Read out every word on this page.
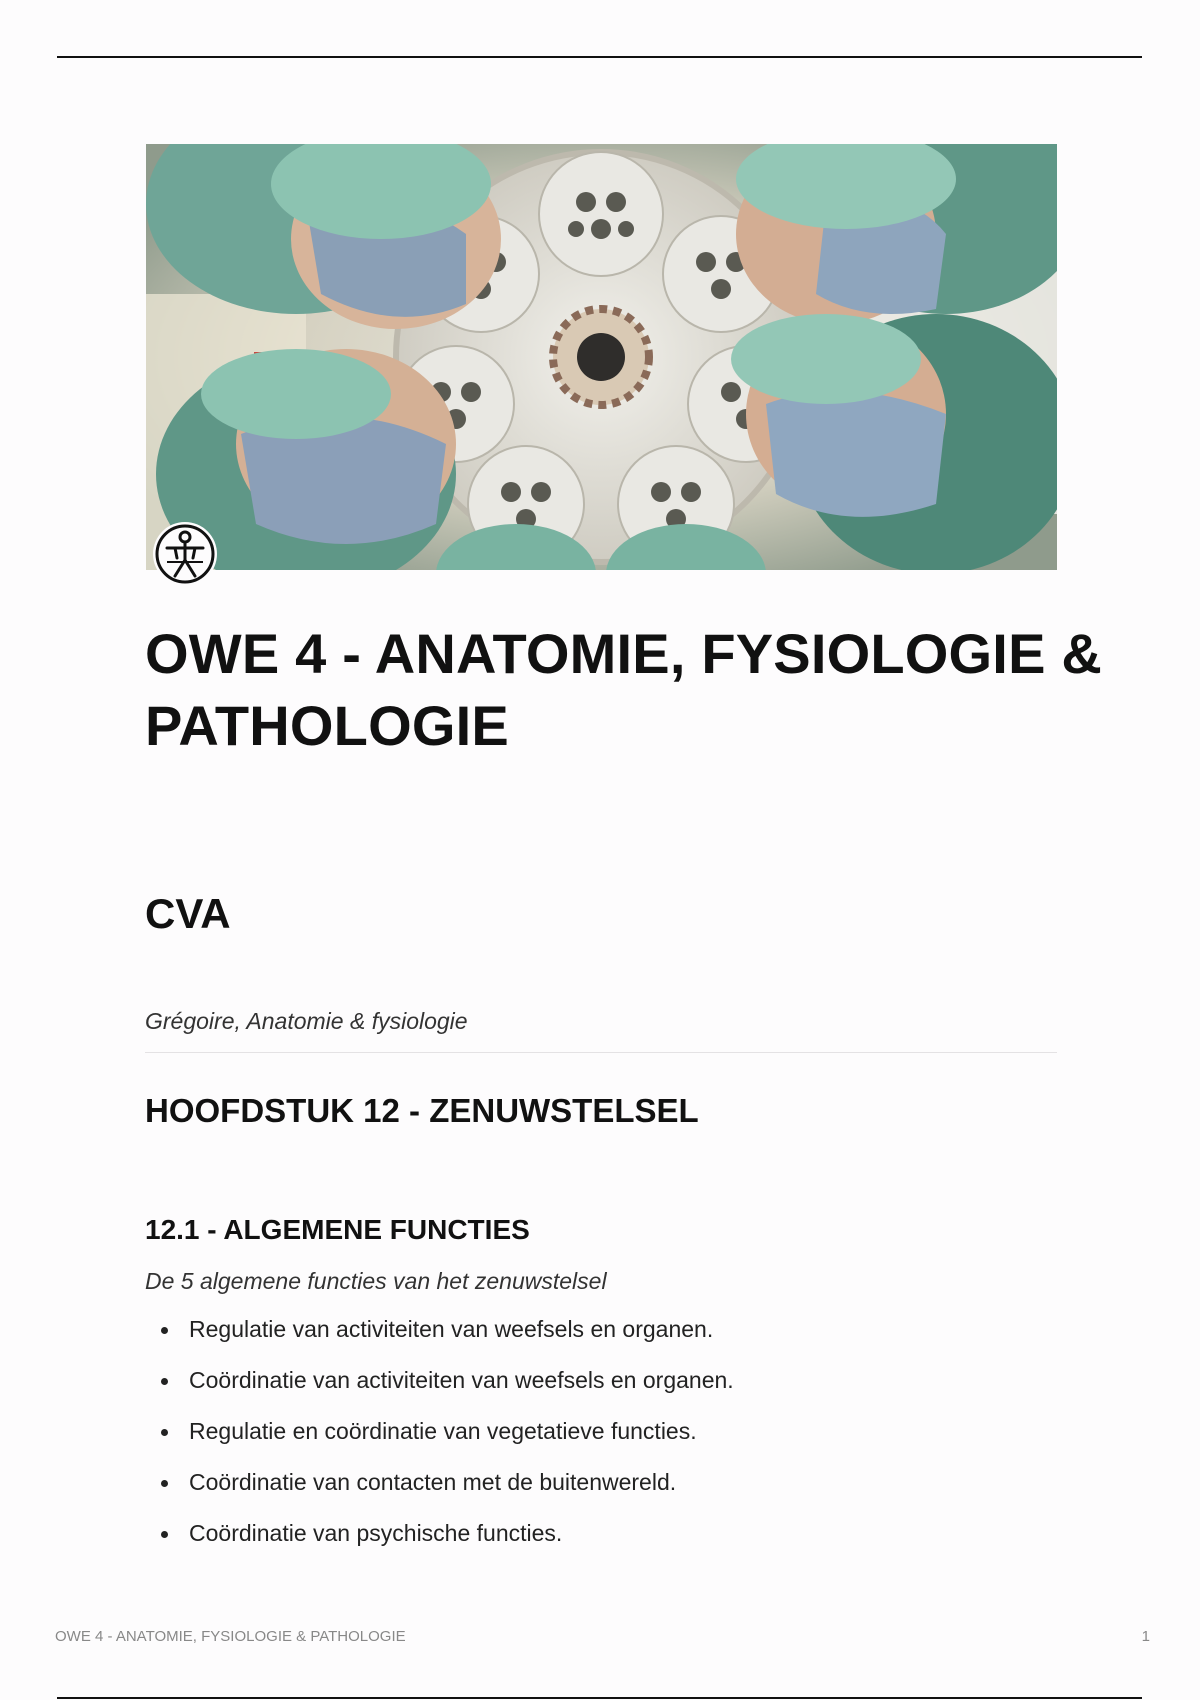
OWE 4 - ANATOMIE, FYSIOLOGIE & PATHOLOGIE
CVA

Grégoire, Anatomie & fysiologie

HOOFDSTUK 12 - ZENUWSTELSEL
12.1 - ALGEMENE FUNCTIES

De 5 algemene functies van het zenuwstelsel

Regulatie van activiteiten van weefsels en organen.
Coördinatie van activiteiten van weefsels en organen.
Regulatie en coördinatie van vegetatieve functies.
Coördinatie van contacten met de buitenwereld.
Coördinatie van psychische functies.
OWE 4 - ANATOMIE, FYSIOLOGIE & PATHOLOGIE	1
